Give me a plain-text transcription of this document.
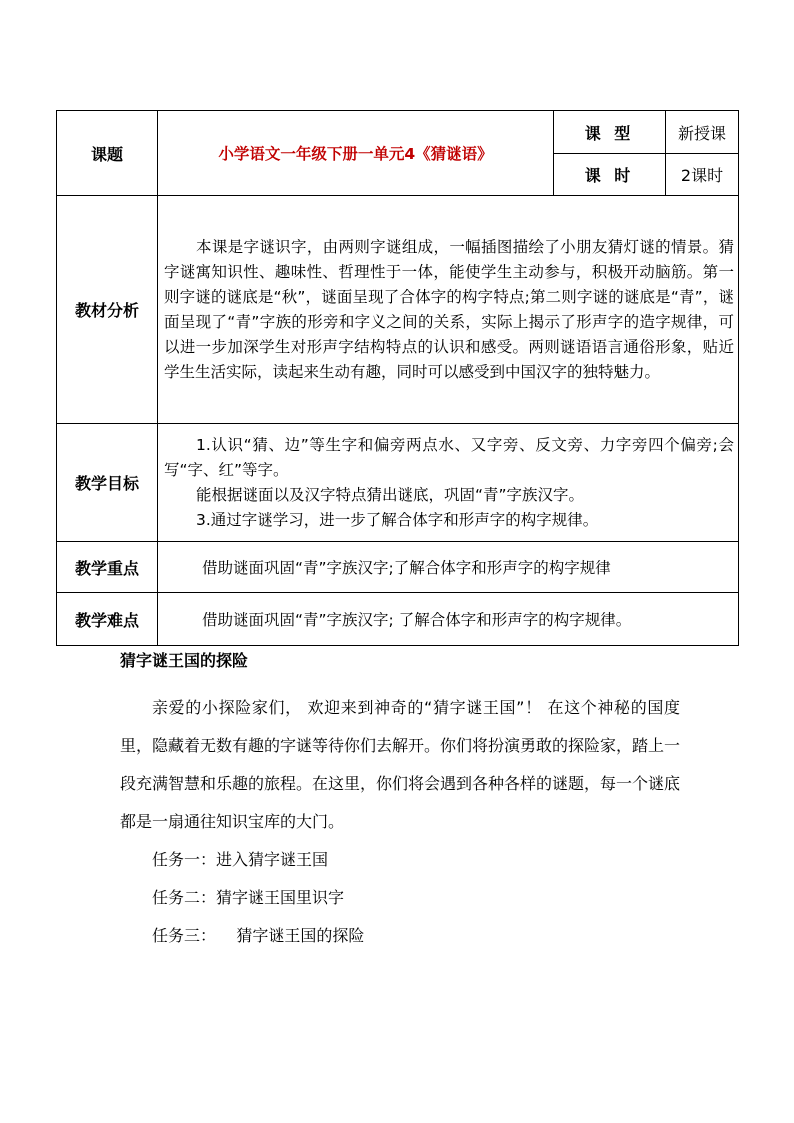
课题	小学语文一年级下册一单元4《猜谜语》	课 型	新授课
		课 时	2课时
教材分析	本课是字谜识字，由两则字谜组成，一幅插图描绘了小朋友猜灯谜的情景。猜字谜寓知识性、趣味性、哲理性于一体，能使学生主动参与，积极开动脑筋。第一则字谜的谜底是“秋”，谜面呈现了合体字的构字特点;第二则字谜的谜底是“青”，谜面呈现了“青”字族的形旁和字义之间的关系，实际上揭示了形声字的造字规律，可以进一步加深学生对形声字结构特点的认识和感受。两则谜语语言通俗形象，贴近学生生活实际，读起来生动有趣，同时可以感受到中国汉字的独特魅力。		

教学目标	1.认识“猜、边”等生字和偏旁两点水、又字旁、反文旁、力字旁四个偏旁;会写“字、红”等字。

能根据谜面以及汉字特点猜出谜底，巩固“青”字族汉字。

3.通过字谜学习，进一步了解合体字和形声字的构字规律。		

教学重点	借助谜面巩固“青”字族汉字;了解合体字和形声字的构字规律		
教学难点	借助谜面巩固“青”字族汉字; 了解合体字和形声字的构字规律。		

猜字谜王国的探险

亲爱的小探险家们， 欢迎来到神奇的“猜字谜王国”！ 在这个神秘的国度里，隐藏着无数有趣的字谜等待你们去解开。你们将扮演勇敢的探险家，踏上一段充满智慧和乐趣的旅程。在这里，你们将会遇到各种各样的谜题，每一个谜底都是一扇通往知识宝库的大门。

任务一：进入猜字谜王国

任务二：猜字谜王国里识字

任务三：    猜字谜王国的探险
